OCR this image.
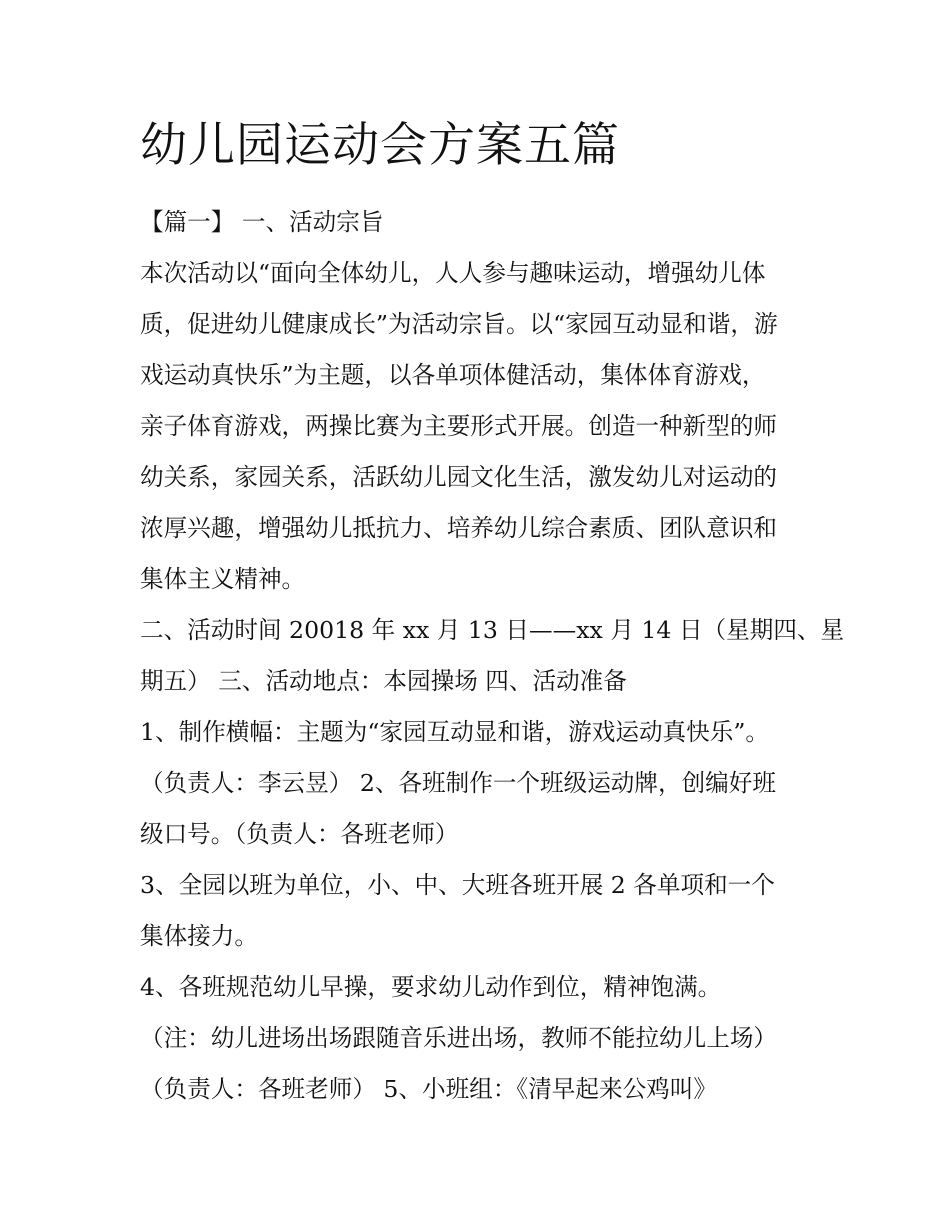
幼儿园运动会方案五篇
【篇一】 一、活动宗旨
本次活动以“面向全体幼儿，人人参与趣味运动，增强幼儿体
质，促进幼儿健康成长”为活动宗旨。以“家园互动显和谐，游
戏运动真快乐”为主题，以各单项体健活动，集体体育游戏，
亲子体育游戏，两操比赛为主要形式开展。创造一种新型的师
幼关系，家园关系，活跃幼儿园文化生活，激发幼儿对运动的
浓厚兴趣，增强幼儿抵抗力、培养幼儿综合素质、团队意识和
集体主义精神。
二、活动时间 20018 年 xx 月 13 日——xx 月 14 日（星期四、星
期五） 三、活动地点：本园操场 四、活动准备
1、制作横幅：主题为“家园互动显和谐，游戏运动真快乐”。
（负责人：李云昱） 2、各班制作一个班级运动牌，创编好班
级口号。（负责人：各班老师）
3、全园以班为单位，小、中、大班各班开展 2 各单项和一个
集体接力。
4、各班规范幼儿早操，要求幼儿动作到位，精神饱满。
（注：幼儿进场出场跟随音乐进出场，教师不能拉幼儿上场）
（负责人：各班老师） 5、小班组：《清早起来公鸡叫》
